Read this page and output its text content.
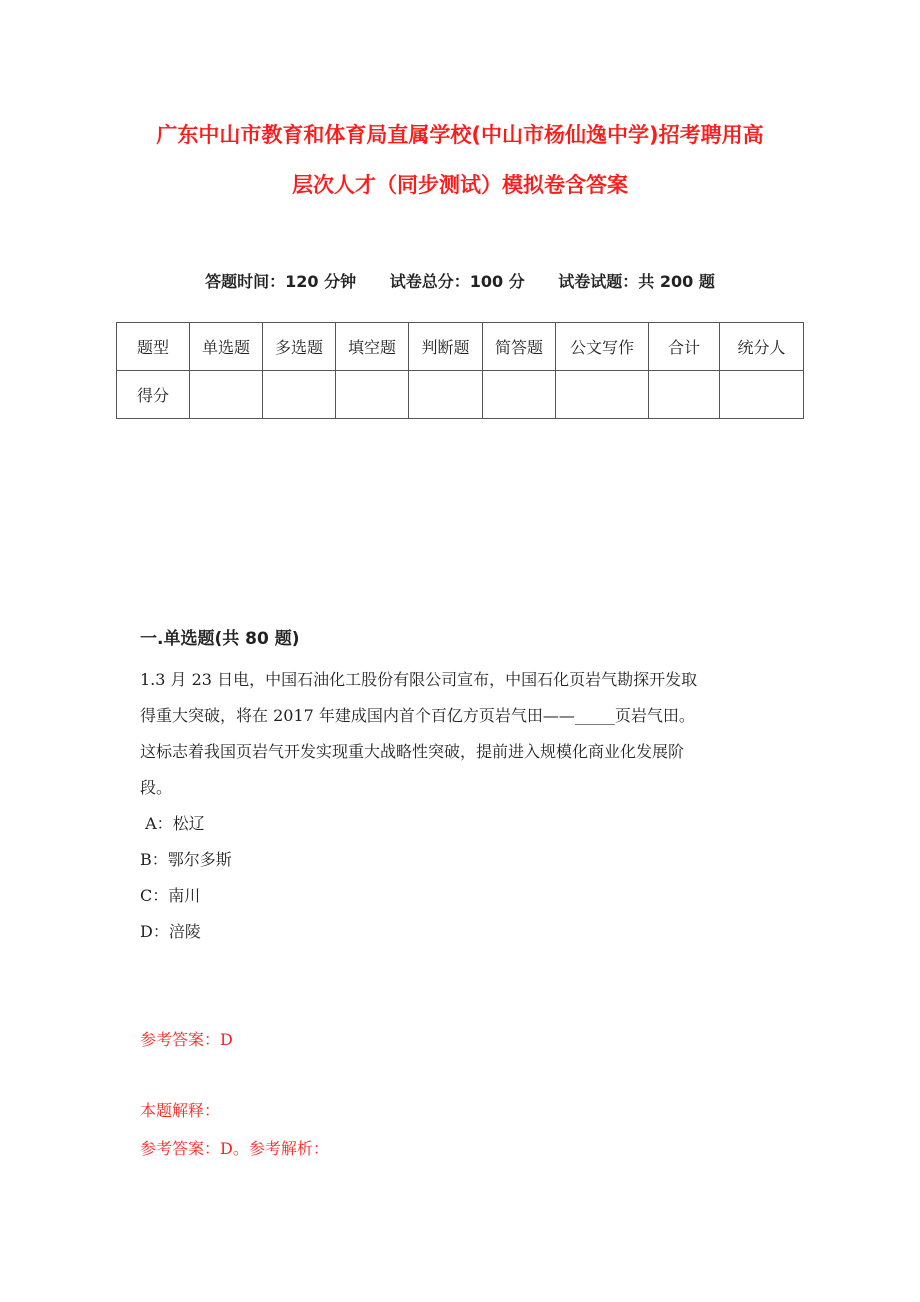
广东中山市教育和体育局直属学校(中山市杨仙逸中学)招考聘用高
层次人才（同步测试）模拟卷含答案
答题时间：120 分钟 试卷总分：100 分 试卷试题：共 200 题
题型	单选题	多选题	填空题	判断题	简答题	公文写作	合计	统分人
得分								
一.单选题(共 80 题)
1.3 月 23 日电，中国石油化工股份有限公司宣布，中国石化页岩气勘探开发取
得重大突破，将在 2017 年建成国内首个百亿方页岩气田——_____页岩气田。
这标志着我国页岩气开发实现重大战略性突破，提前进入规模化商业化发展阶
段。
A：松辽
B：鄂尔多斯
C：南川
D：涪陵
参考答案：D
本题解释：
参考答案：D。参考解析：
